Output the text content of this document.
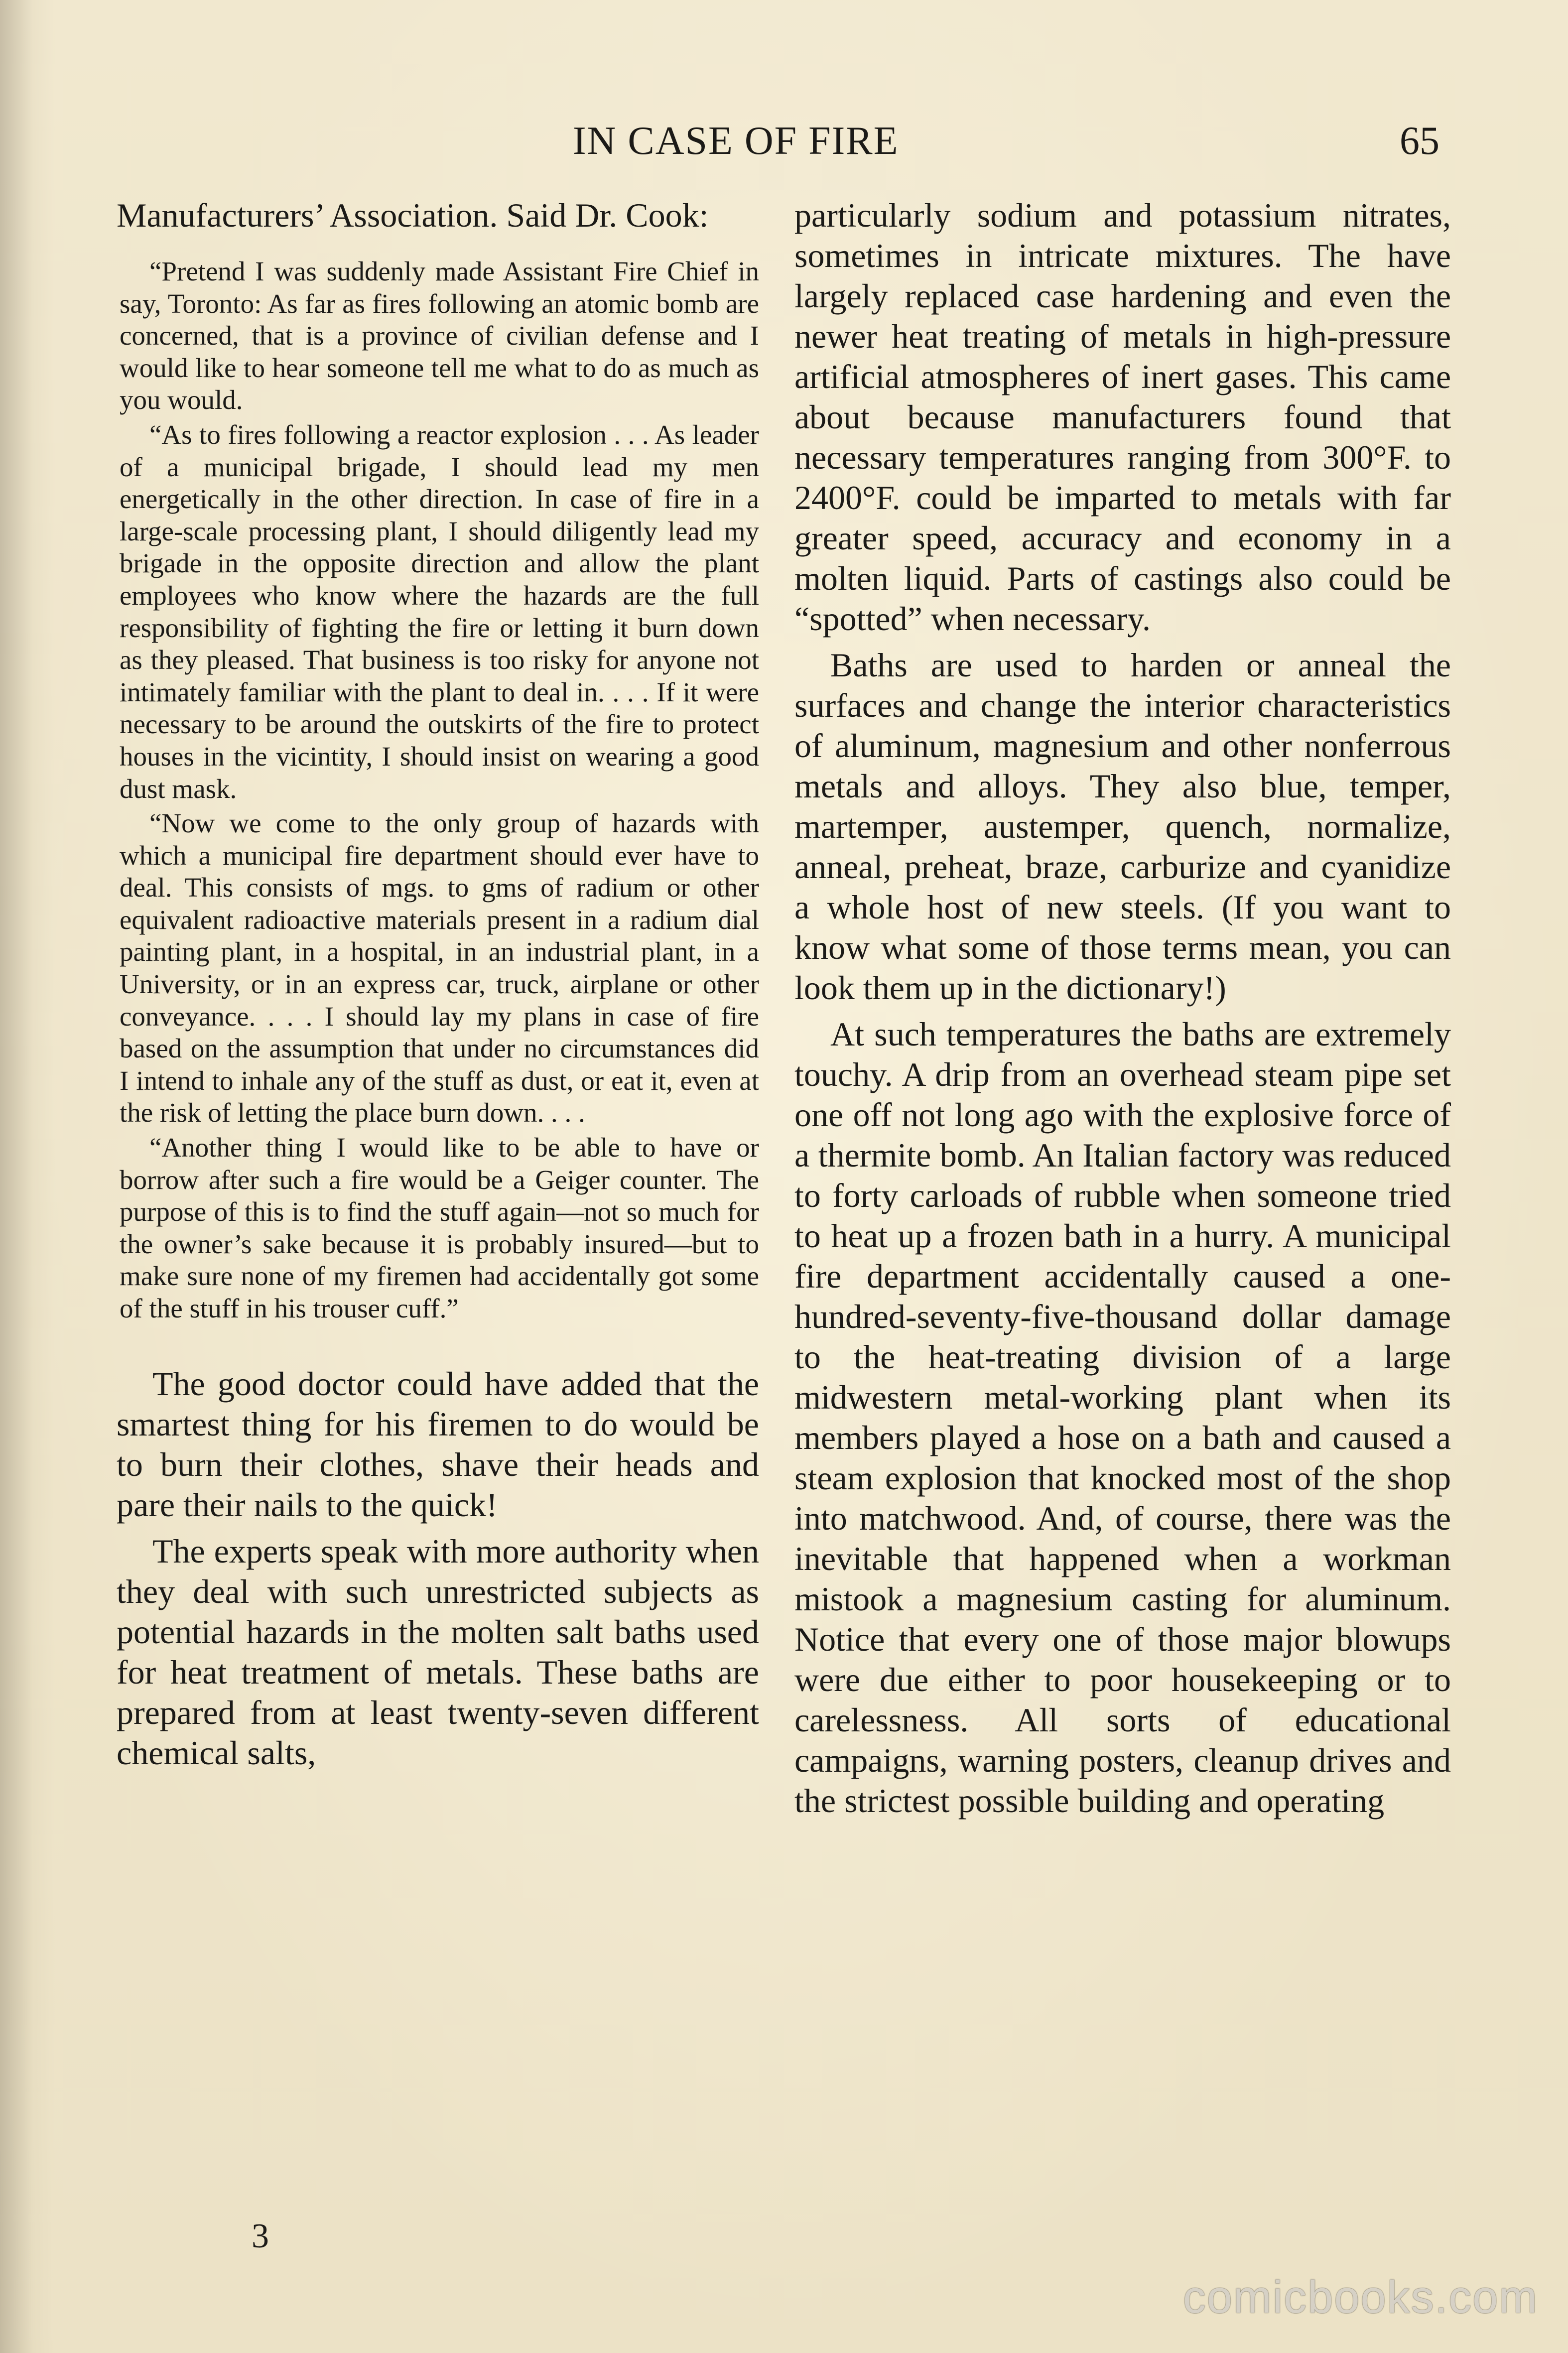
IN CASE OF FIRE	65

Manufacturers’ Association. Said Dr. Cook:

“Pretend I was suddenly made Assistant Fire Chief in say, Toronto: As far as fires following an atomic bomb are concerned, that is a province of civilian defense and I would like to hear someone tell me what to do as much as you would.

“As to fires following a reactor explosion . . . As leader of a municipal brigade, I should lead my men energetically in the other direction. In case of fire in a large-scale processing plant, I should diligently lead my brigade in the opposite direction and allow the plant employees who know where the hazards are the full responsibility of fighting the fire or letting it burn down as they pleased. That business is too risky for anyone not intimately familiar with the plant to deal in. . . . If it were necessary to be around the outskirts of the fire to protect houses in the vicintity, I should insist on wearing a good dust mask.

“Now we come to the only group of hazards with which a municipal fire department should ever have to deal. This consists of mgs. to gms of radium or other equivalent radioactive materials present in a radium dial painting plant, in a hospital, in an industrial plant, in a University, or in an express car, truck, airplane or other conveyance. . . . I should lay my plans in case of fire based on the assumption that under no circumstances did I intend to inhale any of the stuff as dust, or eat it, even at the risk of letting the place burn down. . . .

“Another thing I would like to be able to have or borrow after such a fire would be a Geiger counter. The purpose of this is to find the stuff again—not so much for the owner’s sake because it is probably insured—but to make sure none of my firemen had accidentally got some of the stuff in his trouser cuff.”

The good doctor could have added that the smartest thing for his firemen to do would be to burn their clothes, shave their heads and pare their nails to the quick!

The experts speak with more authority when they deal with such unrestricted subjects as potential hazards in the molten salt baths used for heat treatment of metals. These baths are prepared from at least twenty-seven different chemical salts,

particularly sodium and potassium nitrates, sometimes in intricate mixtures. The have largely replaced case hardening and even the newer heat treating of metals in high-pressure artificial atmospheres of inert gases. This came about because manufacturers found that necessary temperatures ranging from 300°F. to 2400°F. could be imparted to metals with far greater speed, accuracy and economy in a molten liquid. Parts of castings also could be “spotted” when necessary.

Baths are used to harden or anneal the surfaces and change the interior characteristics of aluminum, magnesium and other nonferrous metals and alloys. They also blue, temper, martemper, austemper, quench, normalize, anneal, preheat, braze, carburize and cyanidize a whole host of new steels. (If you want to know what some of those terms mean, you can look them up in the dictionary!)

At such temperatures the baths are extremely touchy. A drip from an overhead steam pipe set one off not long ago with the explosive force of a thermite bomb. An Italian factory was reduced to forty carloads of rubble when someone tried to heat up a frozen bath in a hurry. A municipal fire department accidentally caused a one-hundred-seventy-five-thousand dollar damage to the heat-treating division of a large midwestern metal-working plant when its members played a hose on a bath and caused a steam explosion that knocked most of the shop into matchwood. And, of course, there was the inevitable that happened when a workman mistook a magnesium casting for aluminum. Notice that every one of those major blowups were due either to poor housekeeping or to carelessness. All sorts of educational campaigns, warning posters, cleanup drives and the strictest possible building and operating

3
comicbooks.com
